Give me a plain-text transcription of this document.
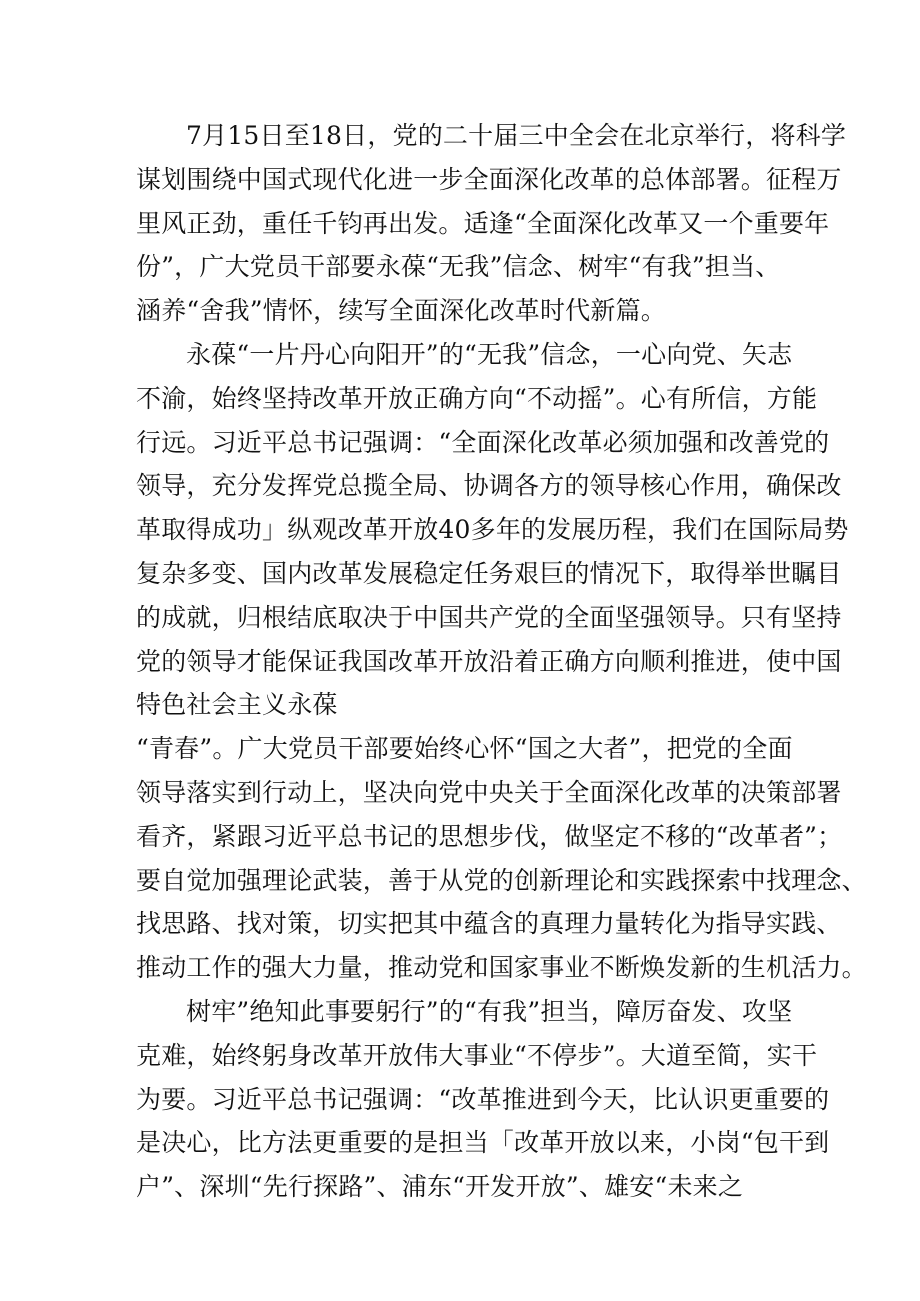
7月15日至18日，党的二十届三中全会在北京举行，将科学
谋划围绕中国式现代化进一步全面深化改革的总体部署。征程万
里风正劲，重任千钧再出发。适逢“全面深化改革又一个重要年
份”，广大党员干部要永葆“无我”信念、树牢“有我”担当、
涵养“舍我”情怀，续写全面深化改革时代新篇。
永葆“一片丹心向阳开”的“无我”信念，一心向党、矢志
不渝，始终坚持改革开放正确方向“不动摇”。心有所信，方能
行远。习近平总书记强调：“全面深化改革必须加强和改善党的
领导，充分发挥党总揽全局、协调各方的领导核心作用，确保改
革取得成功」纵观改革开放40多年的发展历程，我们在国际局势
复杂多变、国内改革发展稳定任务艰巨的情况下，取得举世瞩目
的成就，归根结底取决于中国共产党的全面坚强领导。只有坚持
党的领导才能保证我国改革开放沿着正确方向顺利推进，使中国
特色社会主义永葆
“青春”。广大党员干部要始终心怀“国之大者”，把党的全面
领导落实到行动上，坚决向党中央关于全面深化改革的决策部署
看齐，紧跟习近平总书记的思想步伐，做坚定不移的“改革者”；
要自觉加强理论武装，善于从党的创新理论和实践探索中找理念、
找思路、找对策，切实把其中蕴含的真理力量转化为指导实践、
推动工作的强大力量，推动党和国家事业不断焕发新的生机活力。
树牢”绝知此事要躬行”的“有我”担当，障厉奋发、攻坚
克难，始终躬身改革开放伟大事业“不停步”。大道至简，实干
为要。习近平总书记强调：“改革推进到今天，比认识更重要的
是决心，比方法更重要的是担当「改革开放以来，小岗“包干到
户”、深圳“先行探路”、浦东“开发开放”、雄安“未来之
